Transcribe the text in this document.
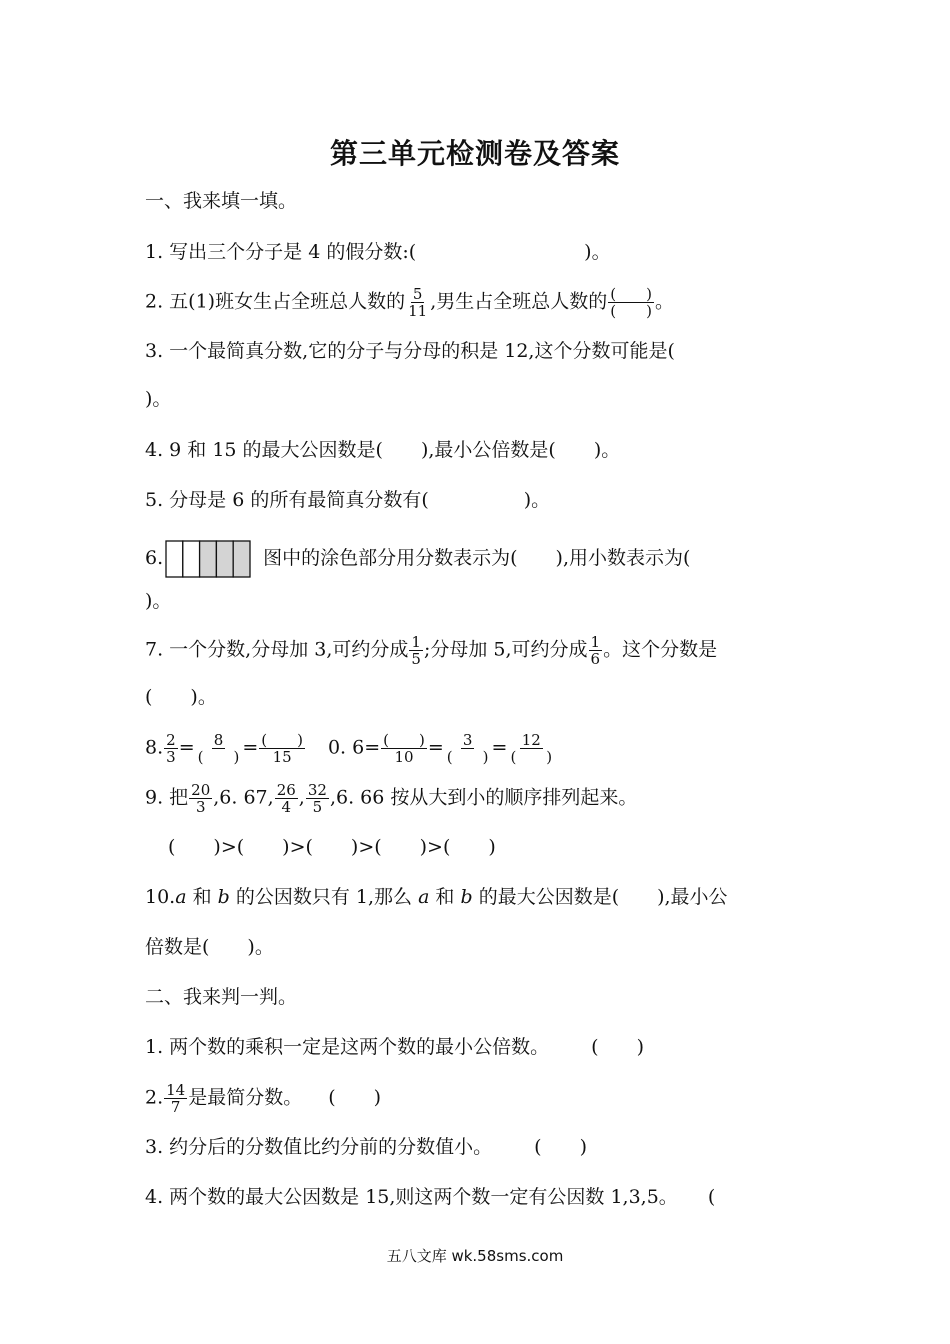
第三单元检测卷及答案
一、我来填一填。
1. 写出三个分子是 4 的假分数:(	)。
2. 五(1)班女生占全班总人数的 $\frac{5}{11}$ ,男生占全班总人数的 $\frac{( )}{( )}$ 。
3. 一个最简真分数,它的分子与分母的积是 12,这个分数可能是(
)。
4. 9 和 15 的最大公因数是(　　),最小公倍数是(　　)。
5. 分母是 6 的所有最简真分数有(　　　　　)。
6.	图中的涂色部分用分数表示为(　　),用小数表示为(
)。
7. 一个分数,分母加 3,可约分成 $\frac{1}{5}$ ;分母加 5,可约分成 $\frac{1}{6}$ 。这个分数是
(　　)。
8. $\frac{2}{3} = \frac{8}{( )} = \frac{( )}{15} 0$. $6= \frac{( )}{10} = \frac{3}{( )} = \frac{12}{( )}$
9. 把 $\frac{20}{3} ,6$. 67, $\frac{26}{4}$ , $\frac{32}{5} ,6$. 66 按从大到小的顺序排列起来。
(　　)>(　　)>(　　)>(　　)>(　　)
10.a 和 b 的公因数只有 1,那么 a 和 b 的最大公因数是(　　),最小公
倍数是(　　)。
二、我来判一判。
1. 两个数的乘积一定是这两个数的最小公倍数。 (　　)
2. $\frac{14}{7}$ 是最简分数。 (　　)
3. 约分后的分数值比约分前的分数值小。 (　　)
4. 两个数的最大公因数是 15,则这两个数一定有公因数 1,3,5。 (
五八文库 wk.58sms.com
